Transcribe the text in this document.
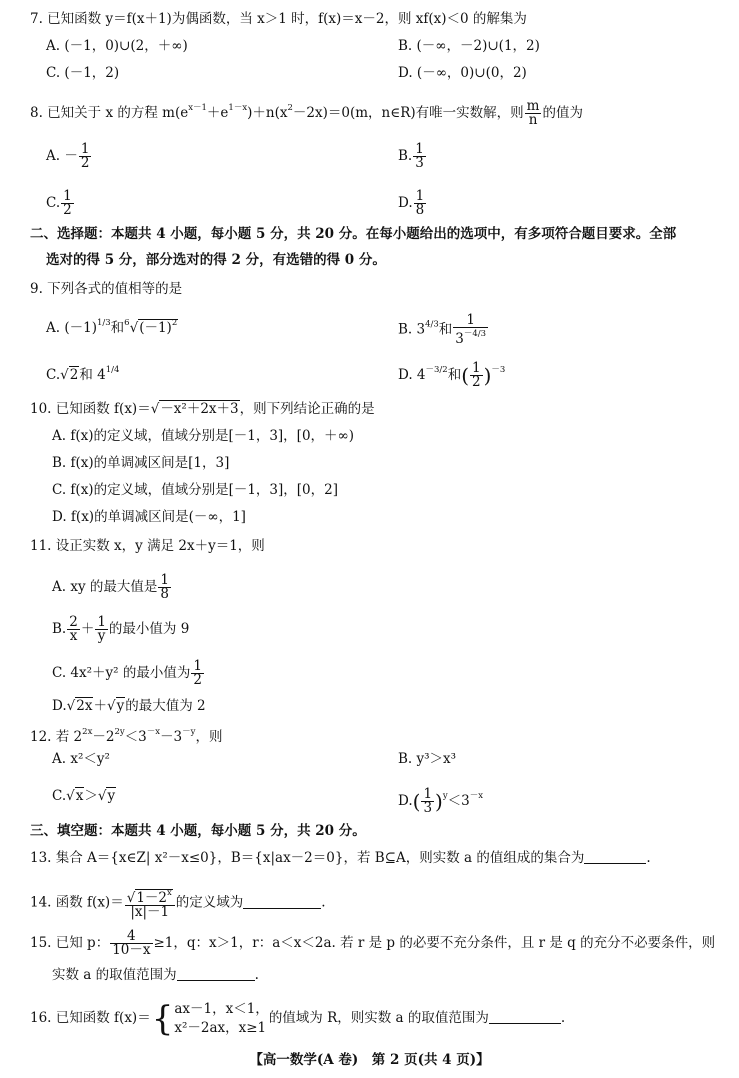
7. 已知函数 y＝f(x＋1)为偶函数，当 x＞1 时，f(x)＝x－2，则 xf(x)＜0 的解集为
A. (－1，0)∪(2，＋∞)	B. (－∞，－2)∪(1，2)
C. (－1，2)	D. (－∞，0)∪(0，2)
8. 已知关于 x 的方程 $m(e^{x-1}+e^{1-x})+n(x^2-2x)=0(m$，n∈R)有唯一实数解，则 $\frac{m}{n}$ 的值为
A. － $\frac{1}{2}$	B. $\frac{1}{3}$
C. $\frac{1}{2}$	D. $\frac{1}{8}$
二、选择题：本题共 4 小题，每小题 5 分，共 20 分。在每小题给出的选项中，有多项符合题目要求。全部
选对的得 5 分，部分选对的得 2 分，有选错的得 0 分。
9. 下列各式的值相等的是
A. $(-1)^{1/3}$和$^6√(-1)^2$	B. $3^{4/3}$和 $\frac{1}{3^{-4/3}}$
C.√2和 $4^{1/4}$	D. $4^{-3/2}$和( $\frac{1}{2} )^{-3}$
10. 已知函数 f(x)＝√－x²＋2x＋3，则下列结论正确的是
A. f(x)的定义域，值域分别是[－1，3]，[0，＋∞)
B. f(x)的单调减区间是[1，3]
C. f(x)的定义域，值域分别是[－1，3]，[0，2]
D. f(x)的单调减区间是(－∞，1]
11. 设正实数 x，y 满足 2x＋y＝1，则
A. xy 的最大值是 $\frac{1}{8}$
B. $\frac{2}{x} + \frac{1}{y}$ 的最小值为 9
C. 4x²＋y² 的最小值为 $\frac{1}{2}$
D.√2x＋√y的最大值为 2
12. 若 $2^{2x}-2^{2y}<3^{-x}-3^{-y}$，则
A. x²＜y²	B. y³＞x³
C.√x＞√y	$D.( \frac{1}{3} )^y<3^{-x}$
三、填空题：本题共 4 小题，每小题 5 分，共 20 分。
13. 集合 A＝{x∈Z| x²－x≤0}，B＝{x|ax－2＝0}，若 B⊆A，则实数 a 的值组成的集合为	.
14. 函数 $f(x)= \frac{√1-2^x}{|x|-1}$ 的定义域为	.
15. 已知 p： $\frac{4}{10-x} \ge 1$，q：x＞1，r：a＜x＜2a. 若 r 是 p 的必要不充分条件，且 r 是 q 的充分不必要条件，则
实数 a 的取值范围为	.
16. 已知函数 f(x)＝{ ax－1，x＜1，
x²－2ax，x≥1
的值域为 R，则实数 a 的取值范围为	.
【高一数学(A 卷)　第 2 页(共 4 页)】
